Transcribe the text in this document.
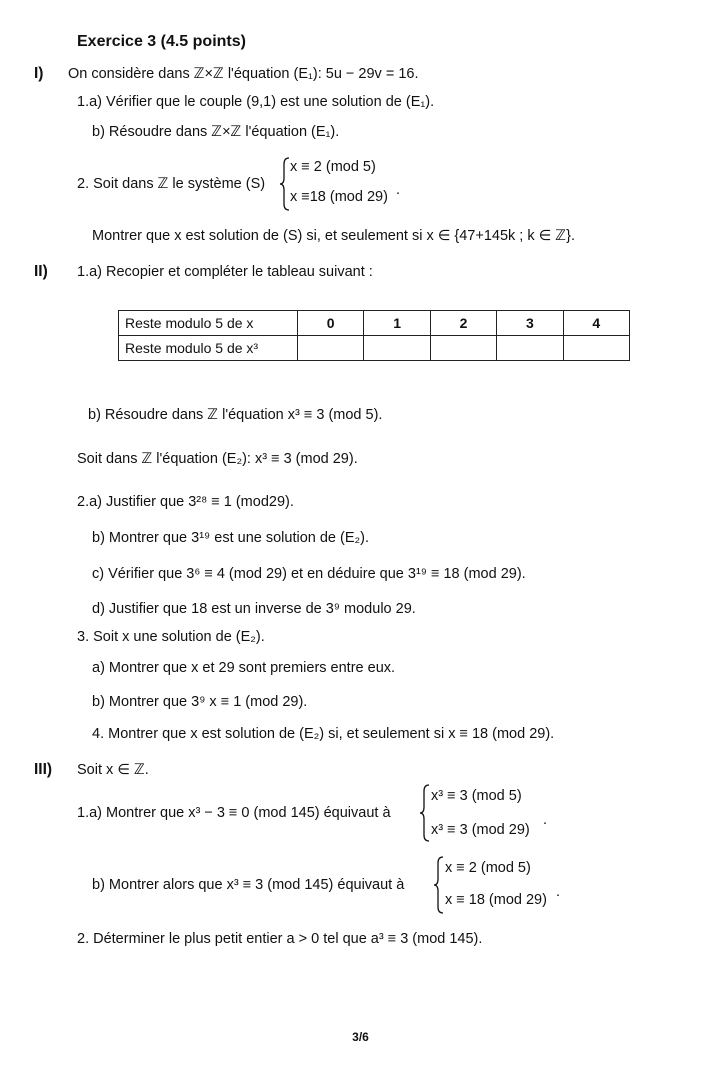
Exercice 3 (4.5 points)
I) On considère dans ℤ×ℤ l'équation (E₁): 5u − 29v = 16.
1.a) Vérifier que le couple (9,1) est une solution de (E₁).
b) Résoudre dans ℤ×ℤ l'équation (E₁).
2. Soit dans ℤ le système (S)
x ≡ 2 (mod 5)
x ≡18 (mod 29) .
Montrer que x est solution de (S) si, et seulement si x ∈ {47+145k ; k ∈ ℤ}.
II) 1.a) Recopier et compléter le tableau suivant :
Reste modulo 5 de x	0	1	2	3	4
Reste modulo 5 de x³					
b) Résoudre dans ℤ l'équation x³ ≡ 3 (mod 5).
Soit dans ℤ l'équation (E₂): x³ ≡ 3 (mod 29).
2.a) Justifier que 3²⁸ ≡ 1 (mod29).
b) Montrer que 3¹⁹ est une solution de (E₂).
c) Vérifier que 3⁶ ≡ 4 (mod 29) et en déduire que 3¹⁹ ≡ 18 (mod 29).
d) Justifier que 18 est un inverse de 3⁹ modulo 29.
3. Soit x une solution de (E₂).
a) Montrer que x et 29 sont premiers entre eux.
b) Montrer que 3⁹ x ≡ 1 (mod 29).
4. Montrer que x est solution de (E₂) si, et seulement si x ≡ 18 (mod 29).
III) Soit x ∈ ℤ.
1.a) Montrer que x³ − 3 ≡ 0 (mod 145) équivaut à
x³ ≡ 3 (mod 5)
x³ ≡ 3 (mod 29)
.
b) Montrer alors que x³ ≡ 3 (mod 145) équivaut à
x ≡ 2 (mod 5)
x ≡ 18 (mod 29) .
2. Déterminer le plus petit entier a > 0 tel que a³ ≡ 3 (mod 145).
3/6
